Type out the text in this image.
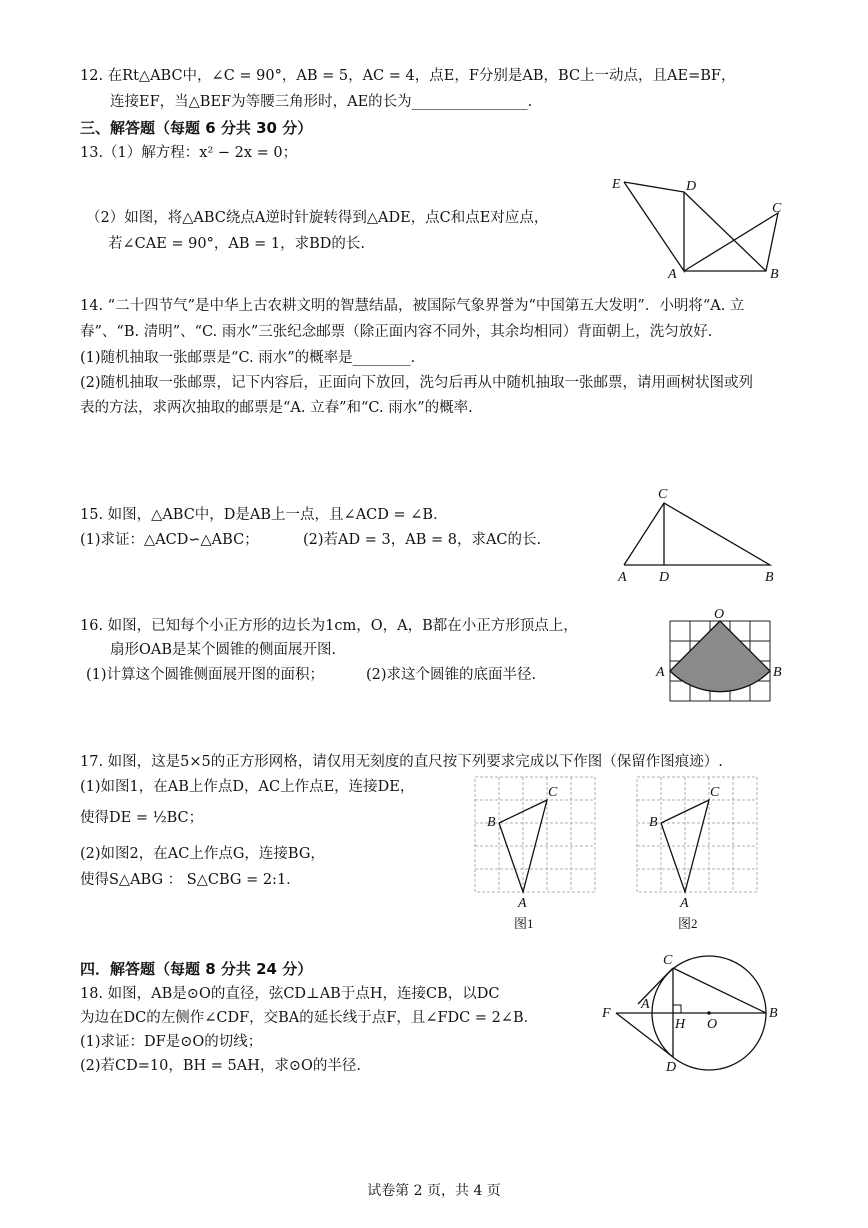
12. 在Rt△ABC中，∠C = 90°，AB = 5，AC = 4，点E，F分别是AB，BC上一动点，且AE=BF，
连接EF，当△BEF为等腰三角形时，AE的长为________________.
三、解答题（每题 6 分共 30 分）
13.（1）解方程：x² − 2x = 0；
（2）如图，将△ABC绕点A逆时针旋转得到△ADE，点C和点E对应点，
若∠CAE = 90°，AB = 1，求BD的长.
E	D
C
A	B
14. “二十四节气”是中华上古农耕文明的智慧结晶，被国际气象界誉为“中国第五大发明”．小明将“A. 立
春”、“B. 清明”、“C. 雨水”三张纪念邮票（除正面内容不同外，其余均相同）背面朝上，洗匀放好.
(1)随机抽取一张邮票是“C. 雨水”的概率是________.
(2)随机抽取一张邮票，记下内容后，正面向下放回，洗匀后再从中随机抽取一张邮票，请用画树状图或列
表的方法，求两次抽取的邮票是“A. 立春”和“C. 雨水”的概率.
15. 如图，△ABC中，D是AB上一点，且∠ACD = ∠B．
(1)求证：△ACD∽△ABC；	(2)若AD = 3，AB = 8，求AC的长.
C
A D	B
16. 如图，已知每个小正方形的边长为1cm，O，A，B都在小正方形顶点上，
扇形OAB是某个圆锥的侧面展开图.
(1)计算这个圆锥侧面展开图的面积；	(2)求这个圆锥的底面半径.
O
A	B
17. 如图，这是5×5的正方形网格，请仅用无刻度的直尺按下列要求完成以下作图（保留作图痕迹）.
(1)如图1，在AB上作点D，AC上作点E，连接DE，
使得DE = ½BC；
(2)如图2，在AC上作点G，连接BG，
使得S△ABG ： S△CBG = 2:1．
C
B
A
图1
C
B
A
图2
四．解答题（每题 8 分共 24 分）
18. 如图，AB是⊙O的直径，弦CD⊥AB于点H，连接CB，以DC
为边在DC的左侧作∠CDF，交BA的延长线于点F，且∠FDC = 2∠B．
(1)求证：DF是⊙O的切线；
(2)若CD=10，BH = 5AH，求⊙O的半径.
C
F
A
H O
B
D
试卷第 2 页，共 4 页
